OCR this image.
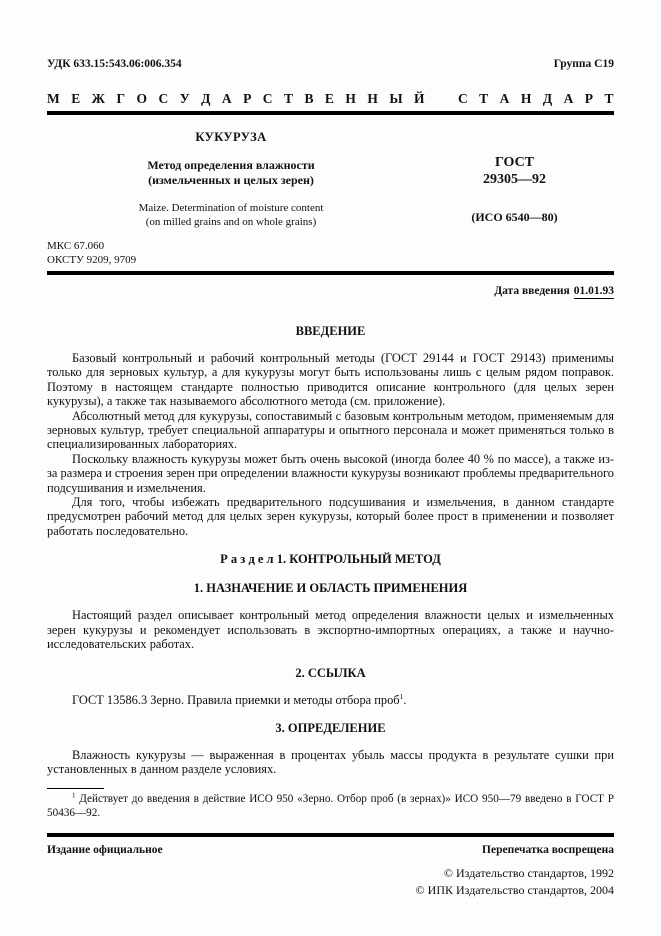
УДК 633.15:543.06:006.354	Группа С19
М Е Ж Г О С У Д А Р С Т В Е Н Н Ы Й   С Т А Н Д А Р Т
КУКУРУЗА
Метод определения влажности
(измельченных и целых зерен)
Maize. Determination of moisture content
(on milled grains and on whole grains)
ГОСТ
29305—92
(ИСО 6540—80)
МКС 67.060
ОКСТУ 9209, 9709
Дата введения 01.01.93
ВВЕДЕНИЕ

Базовый контрольный и рабочий контрольный методы (ГОСТ 29144 и ГОСТ 29143) применимы только для зерновых культур, а для кукурузы могут быть использованы лишь с целым рядом поправок. Поэтому в настоящем стандарте полностью приводится описание контрольного (для целых зерен кукурузы), а также так называемого абсолютного метода (см. приложение).

Абсолютный метод для кукурузы, сопоставимый с базовым контрольным методом, применяемым для зерновых культур, требует специальной аппаратуры и опытного персонала и может применяться только в специализированных лабораториях.

Поскольку влажность кукурузы может быть очень высокой (иногда более 40 % по массе), а также из-за размера и строения зерен при определении влажности кукурузы возникают проблемы предварительного подсушивания и измельчения.

Для того, чтобы избежать предварительного подсушивания и измельчения, в данном стандарте предусмотрен рабочий метод для целых зерен кукурузы, который более прост в применении и позволяет работать последовательно.

Р а з д е л 1. КОНТРОЛЬНЫЙ МЕТОД
1. НАЗНАЧЕНИЕ И ОБЛАСТЬ ПРИМЕНЕНИЯ

Настоящий раздел описывает контрольный метод определения влажности целых и измельченных зерен кукурузы и рекомендует использовать в экспортно-импортных операциях, а также и научно-исследовательских работах.

2. ССЫЛКА

ГОСТ 13586.3 Зерно. Правила приемки и методы отбора проб$^1$.

3. ОПРЕДЕЛЕНИЕ

Влажность кукурузы — выраженная в процентах убыль массы продукта в результате сушки при установленных в данном разделе условиях.

$^1$ Действует до введения в действие ИСО 950 «Зерно. Отбор проб (в зернах)» ИСО 950—79 введено в ГОСТ Р 50436—92.

Издание официальное	Перепечатка воспрещена
© Издательство стандартов, 1992
© ИПК Издательство стандартов, 2004
